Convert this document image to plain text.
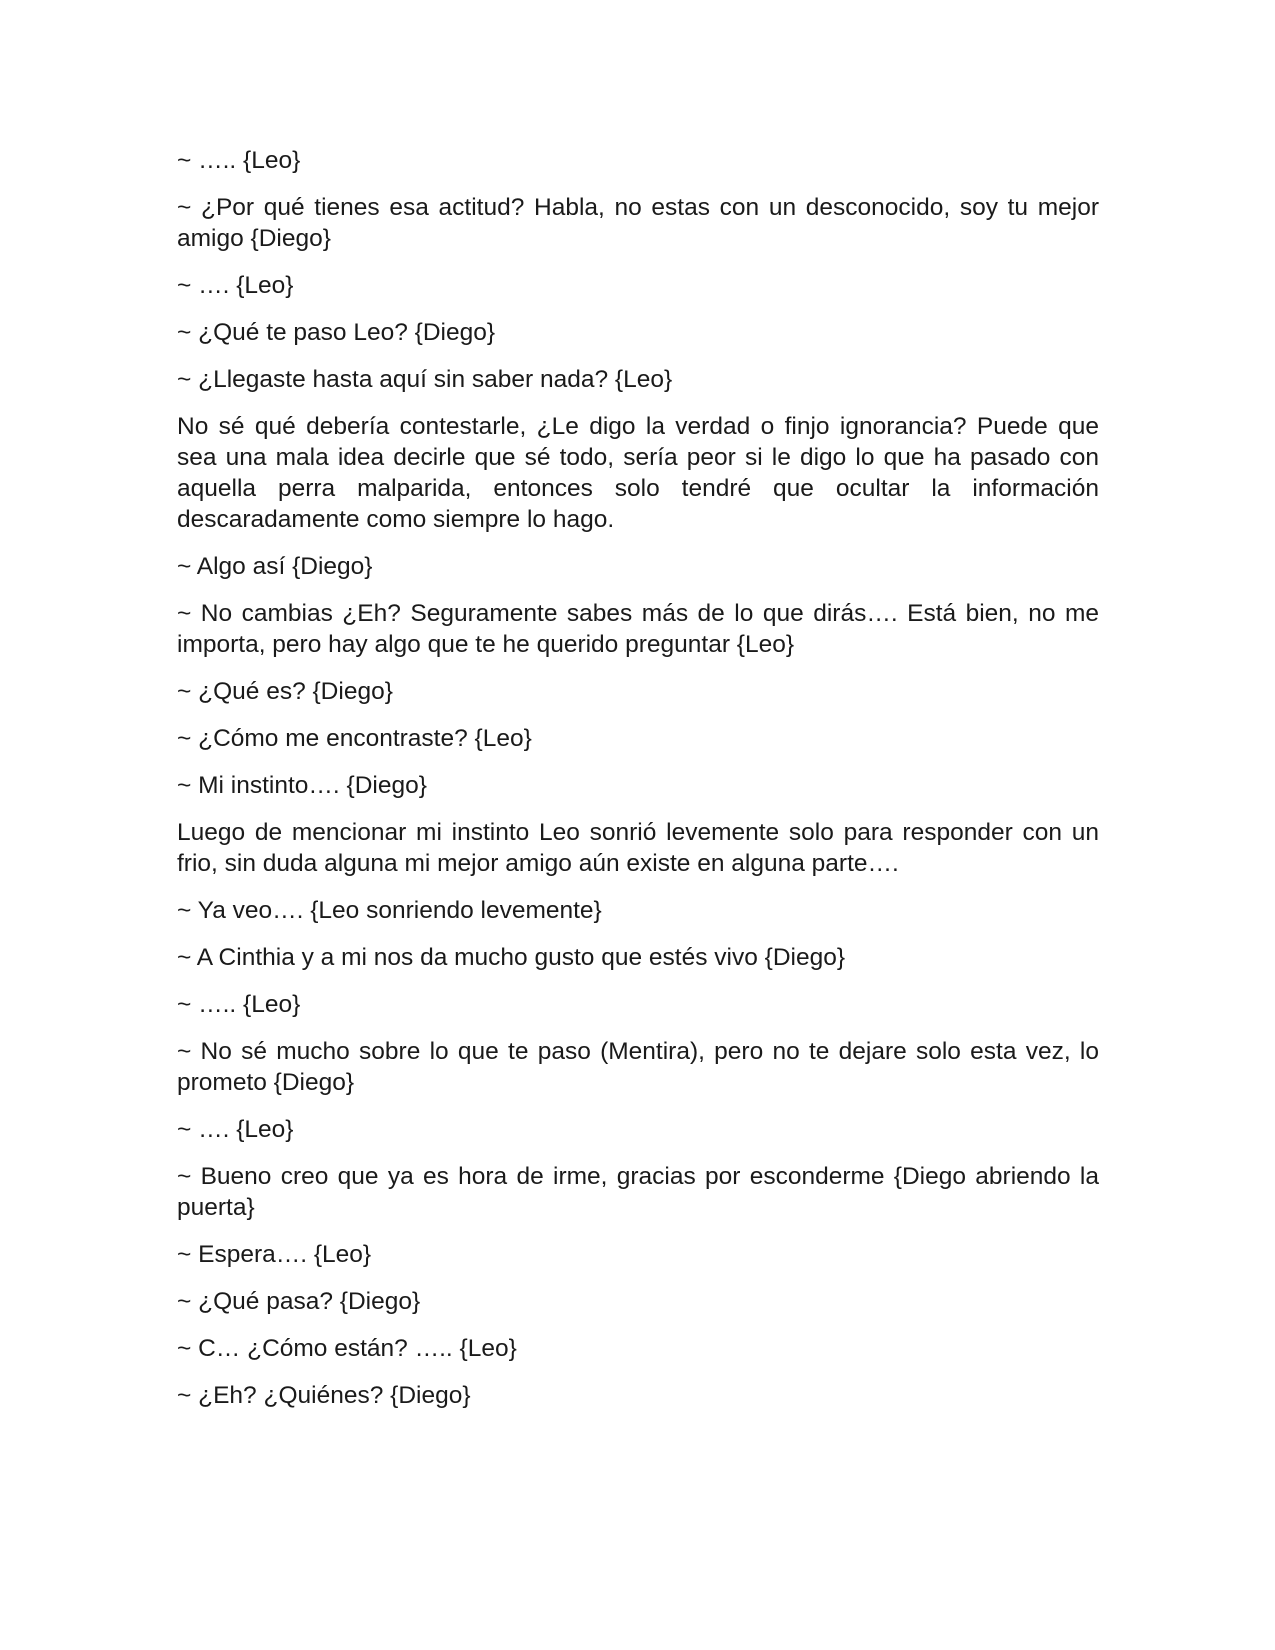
~ ….. {Leo}

~ ¿Por qué tienes esa actitud? Habla, no estas con un desconocido, soy tu mejor amigo {Diego}

~ …. {Leo}

~ ¿Qué te paso Leo? {Diego}

~ ¿Llegaste hasta aquí sin saber nada? {Leo}

No sé qué debería contestarle, ¿Le digo la verdad o finjo ignorancia? Puede que sea una mala idea decirle que sé todo, sería peor si le digo lo que ha pasado con aquella perra malparida, entonces solo tendré que ocultar la información descaradamente como siempre lo hago.

~ Algo así {Diego}

~ No cambias ¿Eh? Seguramente sabes más de lo que dirás…. Está bien, no me importa, pero hay algo que te he querido preguntar {Leo}

~ ¿Qué es? {Diego}

~ ¿Cómo me encontraste? {Leo}

~ Mi instinto…. {Diego}

Luego de mencionar mi instinto Leo sonrió levemente solo para responder con un frio, sin duda alguna mi mejor amigo aún existe en alguna parte….

~ Ya veo…. {Leo sonriendo levemente}

~ A Cinthia y a mi nos da mucho gusto que estés vivo {Diego}

~ ….. {Leo}

~ No sé mucho sobre lo que te paso (Mentira), pero no te dejare solo esta vez, lo prometo {Diego}

~ …. {Leo}

~ Bueno creo que ya es hora de irme, gracias por esconderme {Diego abriendo la puerta}

~ Espera…. {Leo}

~ ¿Qué pasa? {Diego}

~ C… ¿Cómo están? ….. {Leo}

~ ¿Eh? ¿Quiénes? {Diego}
